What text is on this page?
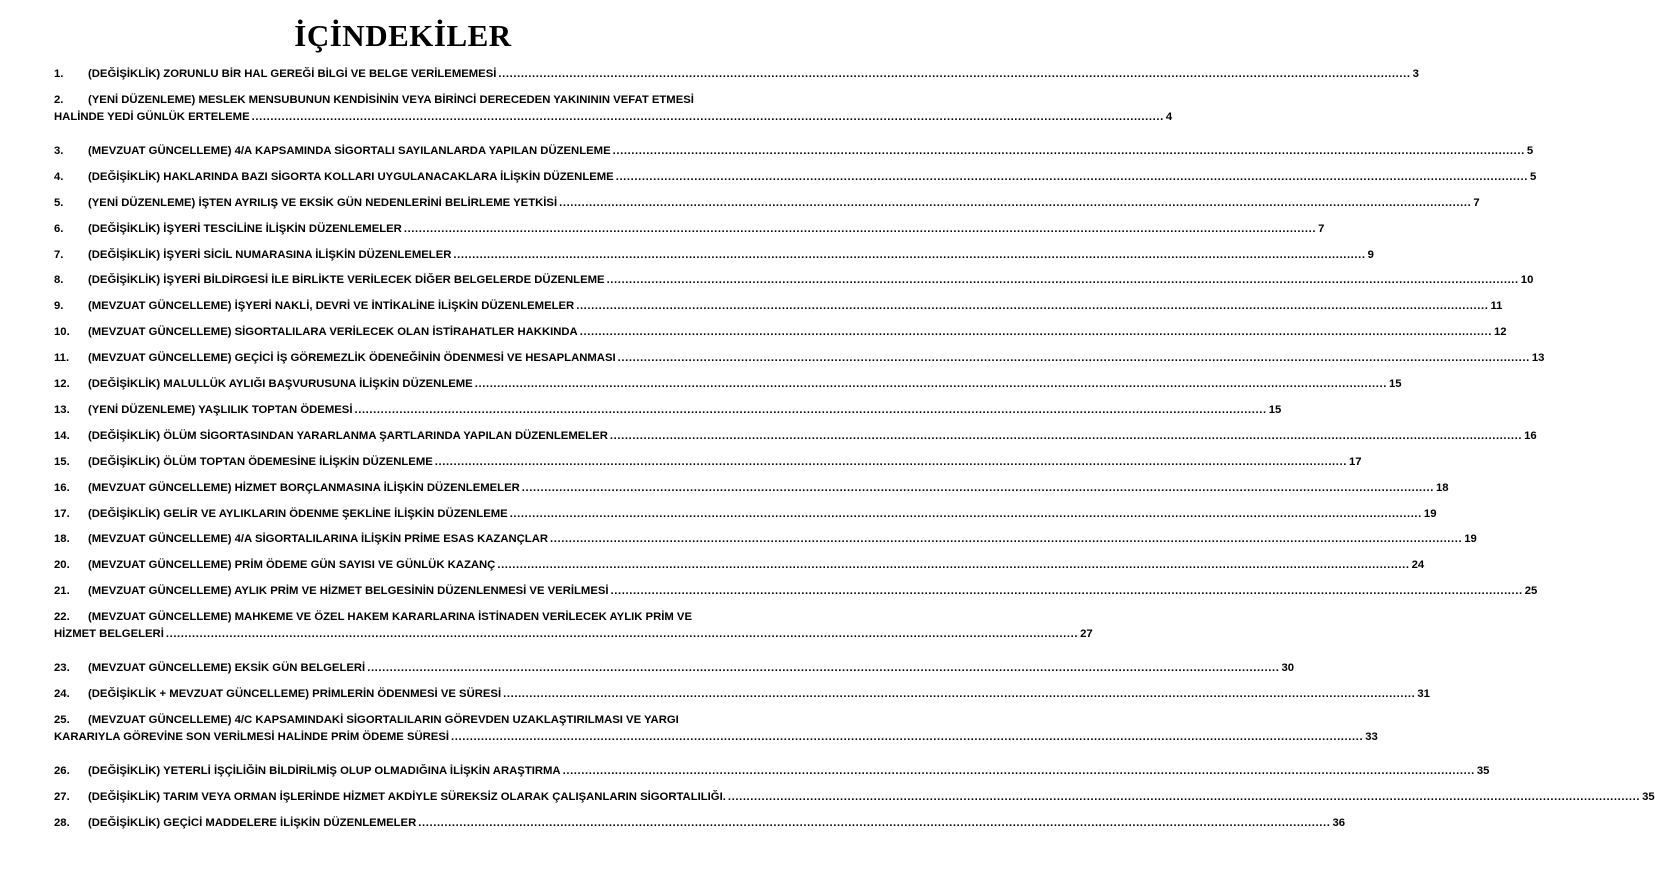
İÇİNDEKİLER
1.	(DEĞİŞİKLİK) ZORUNLU BİR HAL GEREĞİ BİLGİ VE BELGE VERİLEMEMESİ .....	3
2.	(YENİ DÜZENLEME) MESLEK MENSUBUNUN KENDİSİNİN VEYA BİRİNCİ DERECEDEN YAKINININ VEFAT ETMESİ
HALİNDE YEDİ GÜNLÜK ERTELEME .....	4
3.	(MEVZUAT GÜNCELLEME) 4/A KAPSAMINDA SİGORTALI SAYILANLARDA YAPILAN DÜZENLEME .....	5
4.	(DEĞİŞİKLİK) HAKLARINDA BAZI SİGORTA KOLLARI UYGULANACAKLARA İLİŞKİN DÜZENLEME .....	5
5.	(YENİ DÜZENLEME) İŞTEN AYRILIŞ VE EKSİK GÜN NEDENLERİNİ BELİRLEME YETKİSİ .....	7
6.	(DEĞİŞİKLİK) İŞYERİ TESCİLİNE İLİŞKİN DÜZENLEMELER .....	7
7.	(DEĞİŞİKLİK) İŞYERİ SİCİL NUMARASINA İLİŞKİN DÜZENLEMELER .....	9
8.	(DEĞİŞİKLİK) İŞYERİ BİLDİRGESİ İLE BİRLİKTE VERİLECEK DİĞER BELGELERDE DÜZENLEME .....	10
9.	(MEVZUAT GÜNCELLEME) İŞYERİ NAKLİ, DEVRİ VE İNTİKALİNE İLİŞKİN DÜZENLEMELER .....	11
10.	(MEVZUAT GÜNCELLEME) SİGORTALILARA VERİLECEK OLAN İSTİRAHATLER HAKKINDA .....	12
11.	(MEVZUAT GÜNCELLEME) GEÇİCİ İŞ GÖREMEZLİK ÖDENEĞİNİN ÖDENMESİ VE HESAPLANMASI .....	13
12.	(DEĞİŞİKLİK) MALULLÜK AYLIĞI BAŞVURUSUNA İLİŞKİN DÜZENLEME .....	15
13.	(YENİ DÜZENLEME) YAŞLILIK TOPTAN ÖDEMESİ .....	15
14.	(DEĞİŞİKLİK) ÖLÜM SİGORTASINDAN YARARLANMA ŞARTLARINDA YAPILAN DÜZENLEMELER .....	16
15.	(DEĞİŞİKLİK) ÖLÜM TOPTAN ÖDEMESİNE İLİŞKİN DÜZENLEME .....	17
16.	(MEVZUAT GÜNCELLEME) HİZMET BORÇLANMASINA İLİŞKİN DÜZENLEMELER .....	18
17.	(DEĞİŞİKLİK) GELİR VE AYLIKLARIN ÖDENME ŞEKLİNE İLİŞKİN DÜZENLEME .....	19
18.	(MEVZUAT GÜNCELLEME) 4/A SİGORTALILARINA İLİŞKİN PRİME ESAS KAZANÇLAR .....	19
20.	(MEVZUAT GÜNCELLEME) PRİM ÖDEME GÜN SAYISI VE GÜNLÜK KAZANÇ .....	24
21.	(MEVZUAT GÜNCELLEME) AYLIK PRİM VE HİZMET BELGESİNİN DÜZENLENMESİ VE VERİLMESİ .....	25
22.	(MEVZUAT GÜNCELLEME) MAHKEME VE ÖZEL HAKEM KARARLARINA İSTİNADEN VERİLECEK AYLIK PRİM VE
HİZMET BELGELERİ .....	27
23.	(MEVZUAT GÜNCELLEME) EKSİK GÜN BELGELERİ .....	30
24.	(DEĞİŞİKLİK + MEVZUAT GÜNCELLEME) PRİMLERİN ÖDENMESİ VE SÜRESİ .....	31
25.	(MEVZUAT GÜNCELLEME) 4/C KAPSAMINDAKİ SİGORTALILARIN GÖREVDEN UZAKLAŞTIRILMASI VE YARGI
KARARIYLA GÖREVİNE SON VERİLMESİ HALİNDE PRİM ÖDEME SÜRESİ .....	33
26.	(DEĞİŞİKLİK) YETERLİ İŞÇİLİĞİN BİLDİRİLMİŞ OLUP OLMADIĞINA İLİŞKİN ARAŞTIRMA .....	35
27.	(DEĞİŞİKLİK) TARIM VEYA ORMAN İŞLERİNDE HİZMET AKDİYLE SÜREKSİZ OLARAK ÇALIŞANLARIN SİGORTALILIĞI. .....	35
28.	(DEĞİŞİKLİK) GEÇİCİ MADDELERE İLİŞKİN DÜZENLEMELER .....	36
